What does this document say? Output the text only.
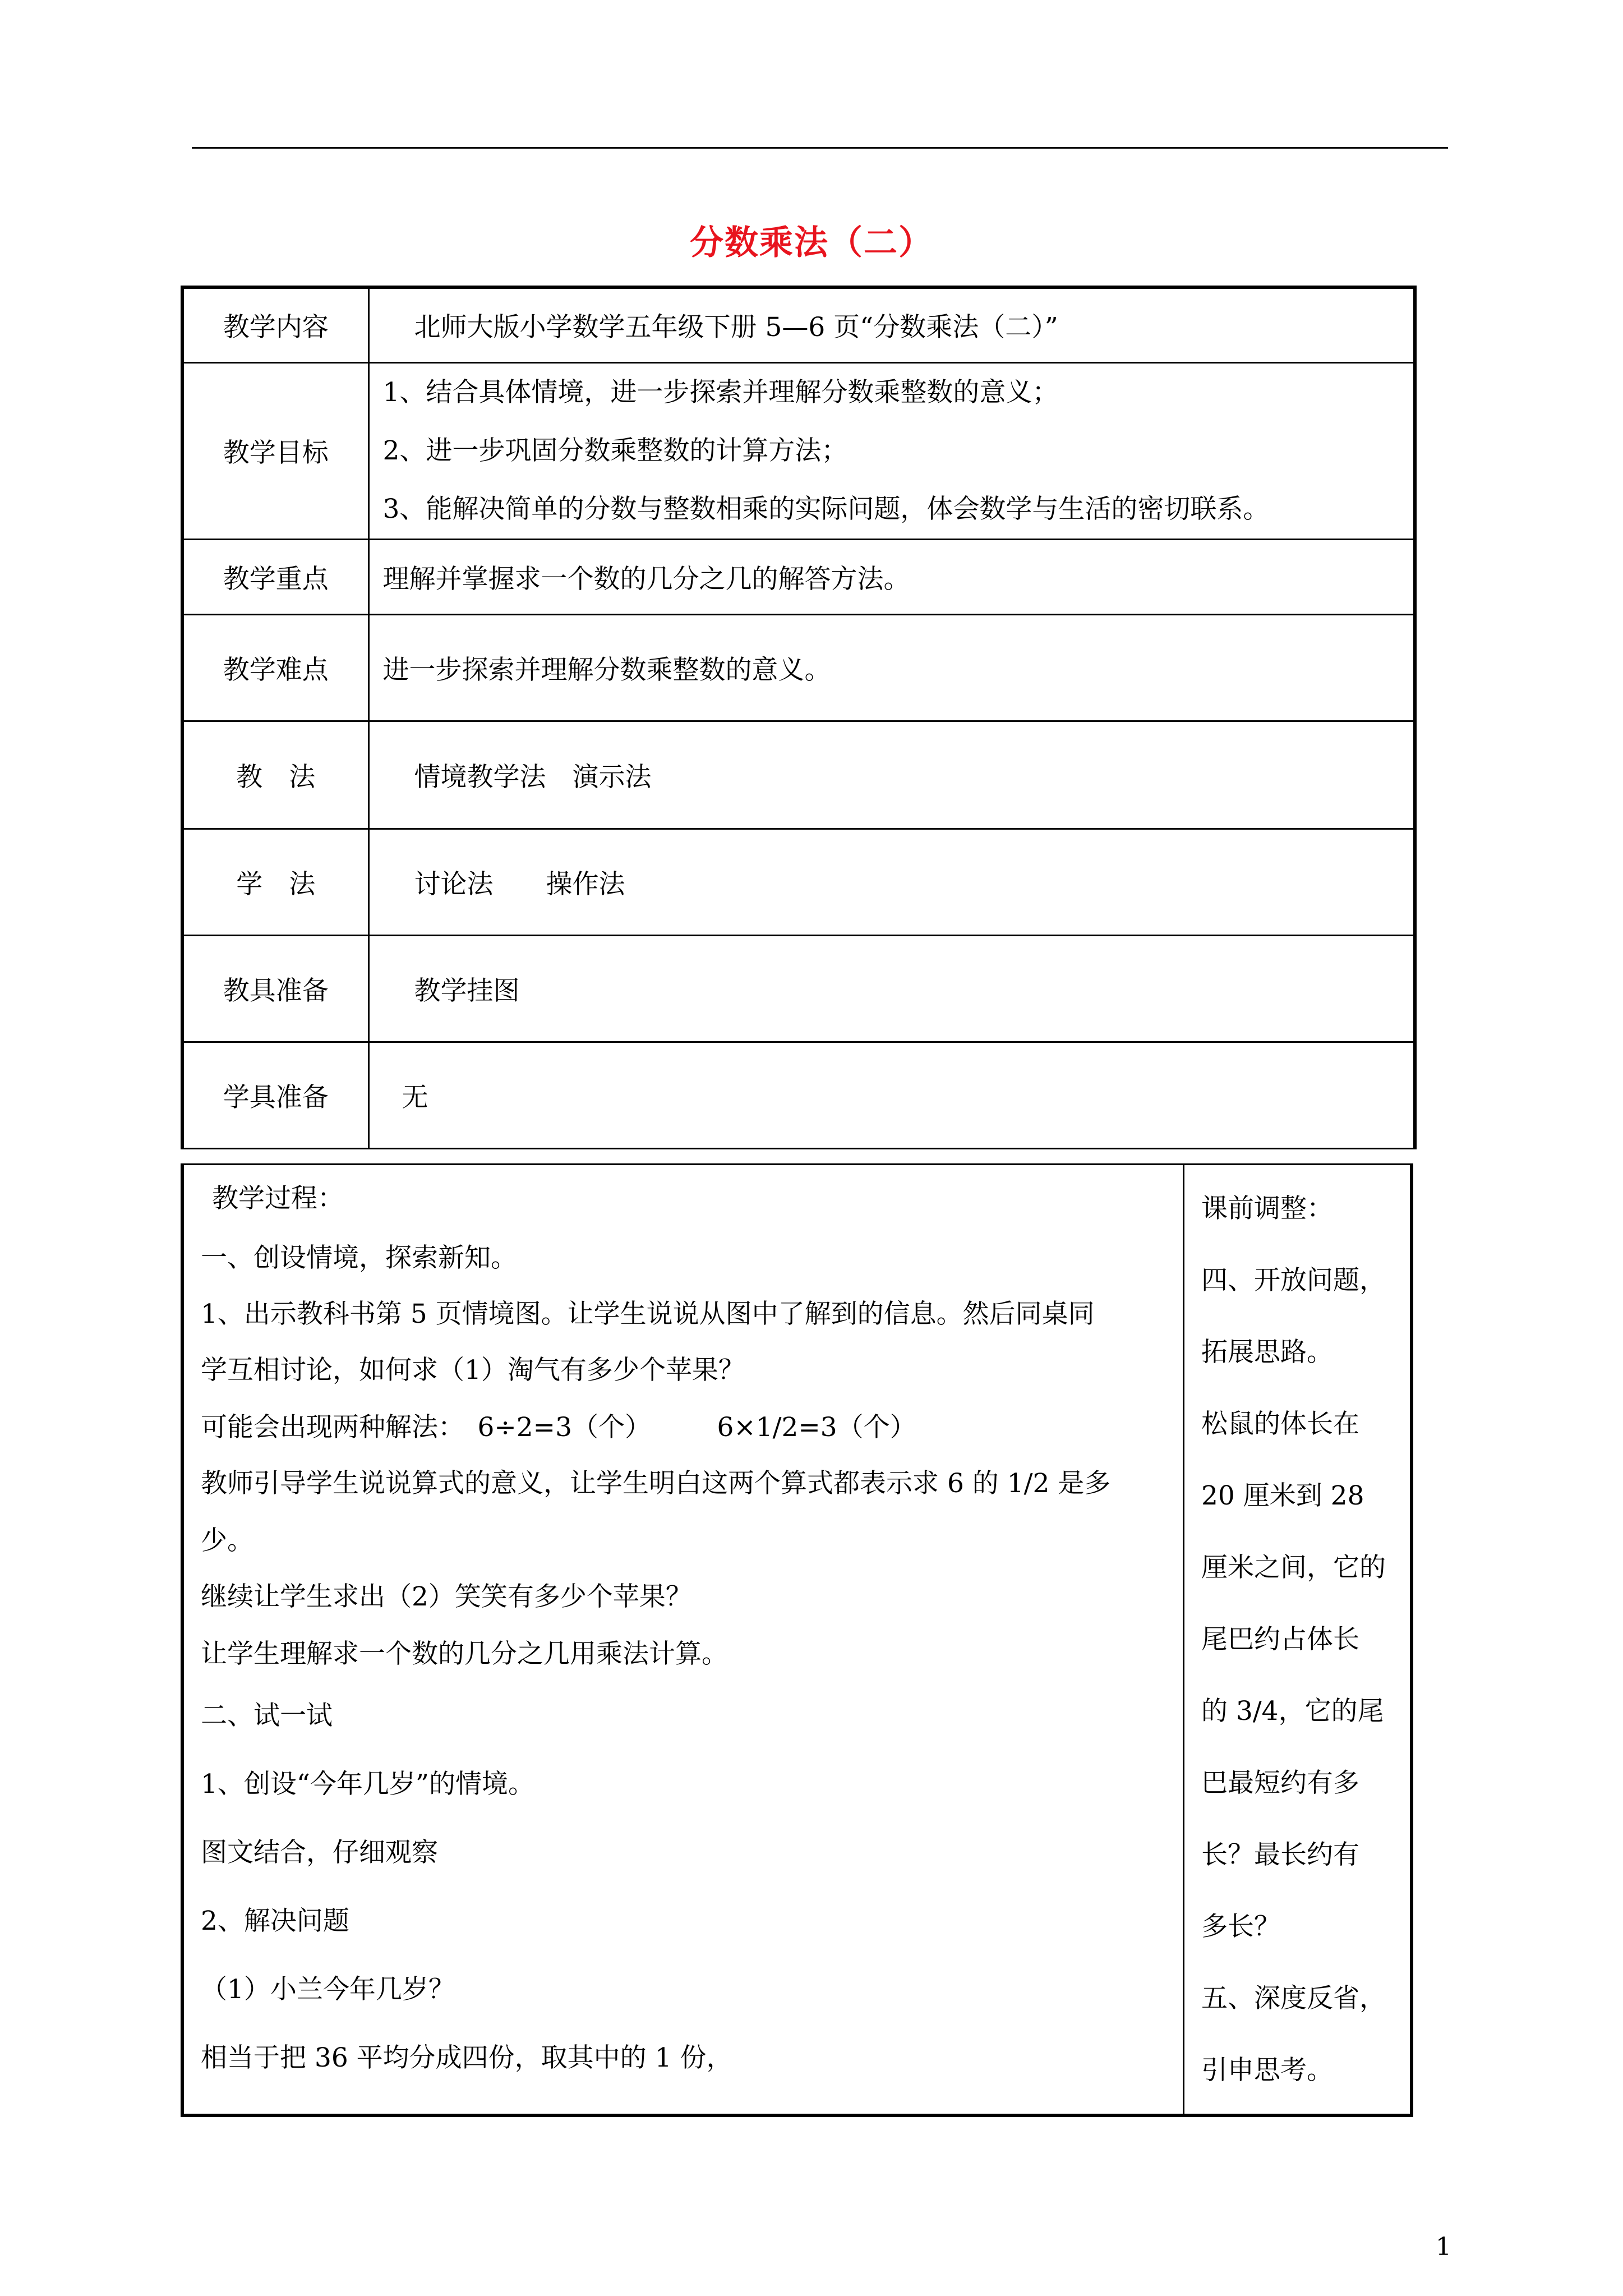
分数乘法（二）
教学内容	北师大版小学数学五年级下册 5—6 页“分数乘法（二）”
教学目标	1、结合具体情境，进一步探索并理解分数乘整数的意义；
2、进一步巩固分数乘整数的计算方法；
3、能解决简单的分数与整数相乘的实际问题，体会数学与生活的密切联系。

教学重点	理解并掌握求一个数的几分之几的解答方法。
教学难点	进一步探索并理解分数乘整数的意义。
教　法	情境教学法　演示法
学　法	讨论法　　操作法
教具准备	教学挂图
学具准备	无
教学过程：
一、创设情境，探索新知。
1、出示教科书第 5 页情境图。让学生说说从图中了解到的信息。然后同桌同
学互相讨论，如何求（1）淘气有多少个苹果？
可能会出现两种解法：　6÷2=3（个）　　　6×1/2=3（个）
教师引导学生说说算式的意义，让学生明白这两个算式都表示求 6 的 1/2 是多
少。
继续让学生求出（2）笑笑有多少个苹果？
让学生理解求一个数的几分之几用乘法计算。
二、试一试
1、创设“今年几岁”的情境。
图文结合，仔细观察
2、解决问题
（1）小兰今年几岁？
相当于把 36 平均分成四份，取其中的 1 份，
课前调整：
四、开放问题，
拓展思路。
松鼠的体长在
20 厘米到 28
厘米之间，它的
尾巴约占体长
的 3/4，它的尾
巴最短约有多
长？最长约有
多长？
五、深度反省，
引申思考。
1
